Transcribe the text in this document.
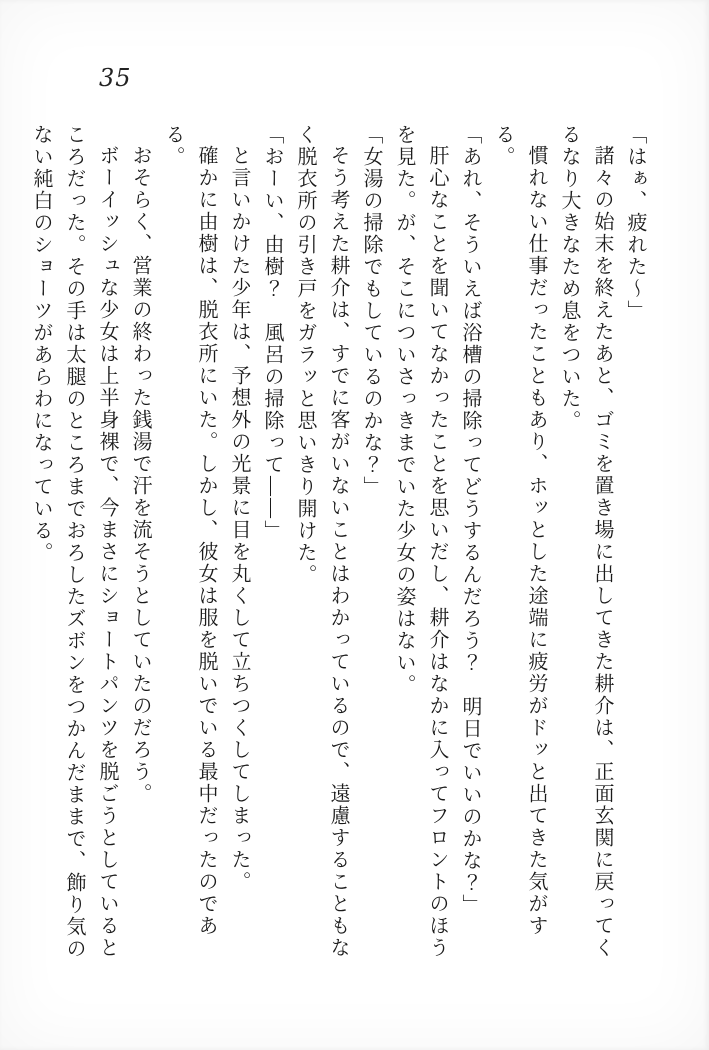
35

「はぁ、疲れた〜」

諸々の始末を終えたあと、ゴミを置き場に出してきた耕介は、正面玄関に戻ってくるなり大きなため息をついた。

慣れない仕事だったこともあり、ホッとした途端に疲労がドッと出てきた気がする。

「あれ、そういえば浴槽の掃除ってどうするんだろう？　明日でいいのかな？」

肝心なことを聞いてなかったことを思いだし、耕介はなかに入ってフロントのほうを見た。が、そこについさっきまでいた少女の姿はない。

「女湯の掃除でもしているのかな？」

そう考えた耕介は、すでに客がいないことはわかっているので、遠慮することもなく脱衣所の引き戸をガラッと思いきり開けた。

「おーい、由樹？　風呂の掃除って――」

と言いかけた少年は、予想外の光景に目を丸くして立ちつくしてしまった。

確かに由樹は、脱衣所にいた。しかし、彼女は服を脱いでいる最中だったのである。

おそらく、営業の終わった銭湯で汗を流そうとしていたのだろう。

ボーイッシュな少女は上半身裸で、今まさにショートパンツを脱ごうとしているところだった。その手は太腿のところまでおろしたズボンをつかんだままで、飾り気のない純白のショーツがあらわになっている。
